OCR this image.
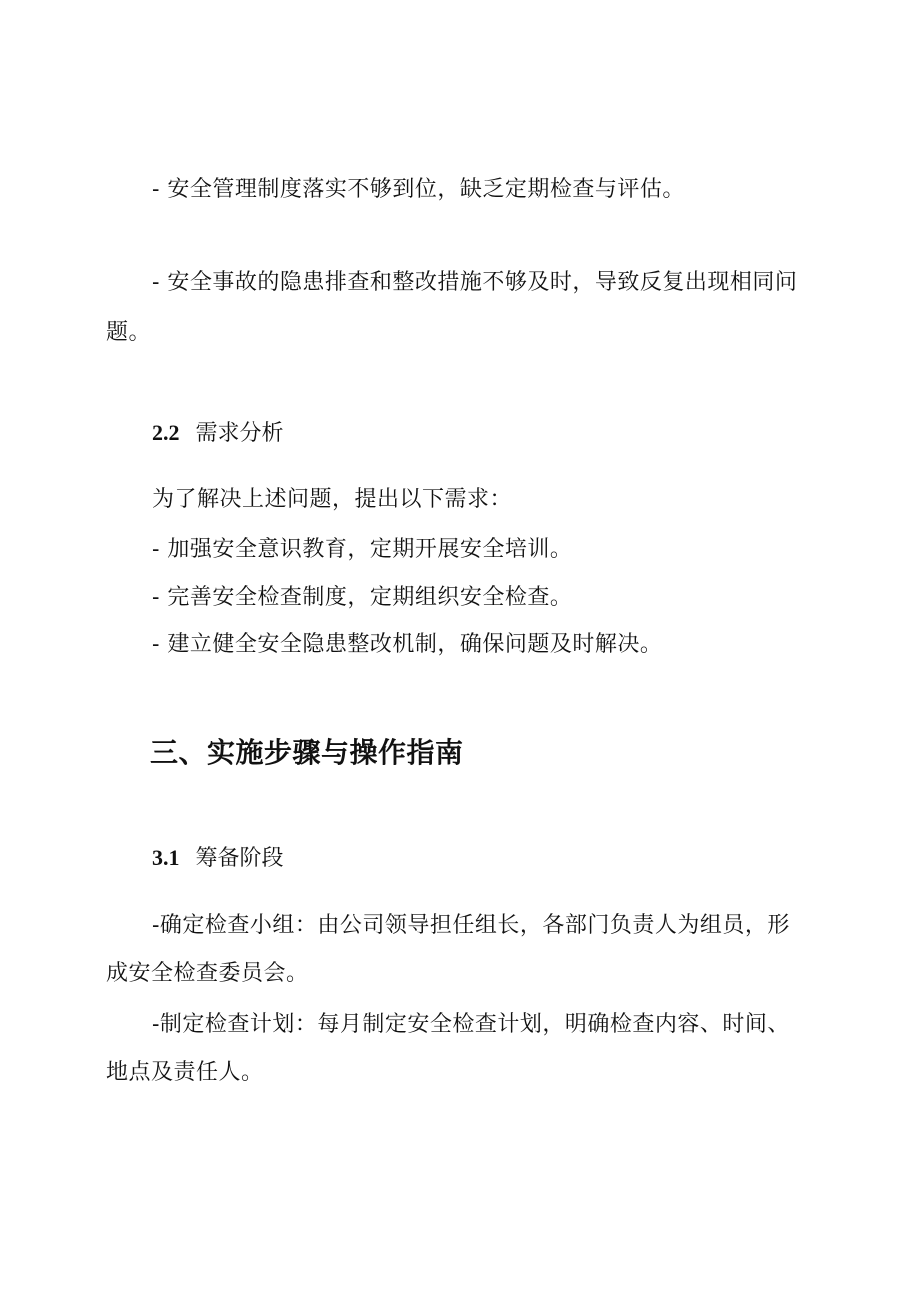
- 安全管理制度落实不够到位，缺乏定期检查与评估。
- 安全事故的隐患排查和整改措施不够及时，导致反复出现相同问
题。
2.2 需求分析
为了解决上述问题，提出以下需求：
- 加强安全意识教育，定期开展安全培训。
- 完善安全检查制度，定期组织安全检查。
- 建立健全安全隐患整改机制，确保问题及时解决。
三、实施步骤与操作指南
3.1 筹备阶段
-确定检查小组：由公司领导担任组长，各部门负责人为组员，形
成安全检查委员会。
-制定检查计划：每月制定安全检查计划，明确检查内容、时间、
地点及责任人。
